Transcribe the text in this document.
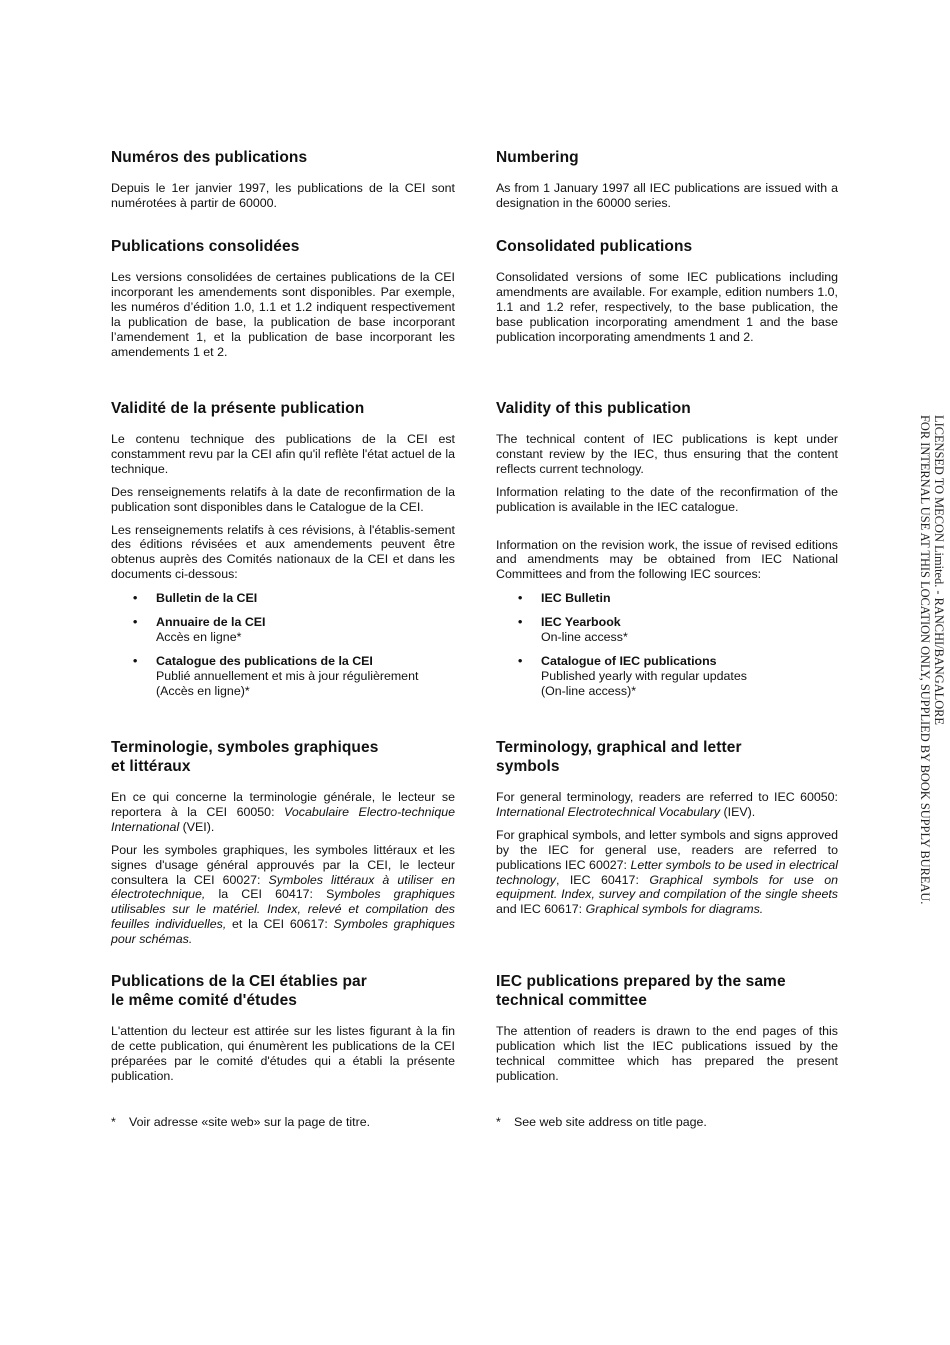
Numéros des publications

Depuis le 1er janvier 1997, les publications de la CEI sont numérotées à partir de 60000.

Publications consolidées

Les versions consolidées de certaines publications de la CEI incorporant les amendements sont disponibles. Par exemple, les numéros d’édition 1.0, 1.1 et 1.2 indiquent respectivement la publication de base, la publication de base incorporant l’amendement 1, et la publication de base incorporant les amendements 1 et 2.

Validité de la présente publication

Le contenu technique des publications de la CEI est constamment revu par la CEI afin qu'il reflète l'état actuel de la technique.

Des renseignements relatifs à la date de reconfirmation de la publication sont disponibles dans le Catalogue de la CEI.

Les renseignements relatifs à ces révisions, à l'établis-sement des éditions révisées et aux amendements peuvent être obtenus auprès des Comités nationaux de la CEI et dans les documents ci-dessous:

• Bulletin de la CEI
• Annuaire de la CEI
Accès en ligne*
• Catalogue des publications de la CEI
Publié annuellement et mis à jour régulièrement
(Accès en ligne)*
Terminologie, symboles graphiques
et littéraux

En ce qui concerne la terminologie générale, le lecteur se reportera à la CEI 60050: Vocabulaire Electro-technique International (VEI).

Pour les symboles graphiques, les symboles littéraux et les signes d'usage général approuvés par la CEI, le lecteur consultera la CEI 60027: Symboles littéraux à utiliser en électrotechnique, la CEI 60417: Symboles graphiques utilisables sur le matériel. Index, relevé et compilation des feuilles individuelles, et la CEI 60617: Symboles graphiques pour schémas.

Publications de la CEI établies par
le même comité d'études

L'attention du lecteur est attirée sur les listes figurant à la fin de cette publication, qui énumèrent les publications de la CEI préparées par le comité d'études qui a établi la présente publication.

* Voir adresse «site web» sur la page de titre.
Numbering

As from 1 January 1997 all IEC publications are issued with a designation in the 60000 series.

Consolidated publications

Consolidated versions of some IEC publications including amendments are available. For example, edition numbers 1.0, 1.1 and 1.2 refer, respectively, to the base publication, the base publication incorporating amendment 1 and the base publication incorporating amendments 1 and 2.

Validity of this publication

The technical content of IEC publications is kept under constant review by the IEC, thus ensuring that the content reflects current technology.

Information relating to the date of the reconfirmation of the publication is available in the IEC catalogue.

Information on the revision work, the issue of revised editions and amendments may be obtained from IEC National Committees and from the following IEC sources:

• IEC Bulletin
• IEC Yearbook
On-line access*
• Catalogue of IEC publications
Published yearly with regular updates
(On-line access)*
Terminology, graphical and letter
symbols

For general terminology, readers are referred to IEC 60050: International Electrotechnical Vocabulary (IEV).

For graphical symbols, and letter symbols and signs approved by the IEC for general use, readers are referred to publications IEC 60027: Letter symbols to be used in electrical technology, IEC 60417: Graphical symbols for use on equipment. Index, survey and compilation of the single sheets and IEC 60617: Graphical symbols for diagrams.

IEC publications prepared by the same
technical committee

The attention of readers is drawn to the end pages of this publication which list the IEC publications issued by the technical committee which has prepared the present publication.

* See web site address on title page.
LICENSED TO MECON Limited. - RANCHI/BANGALORE
FOR INTERNAL USE AT THIS LOCATION ONLY, SUPPLIED BY BOOK SUPPLY BUREAU.
